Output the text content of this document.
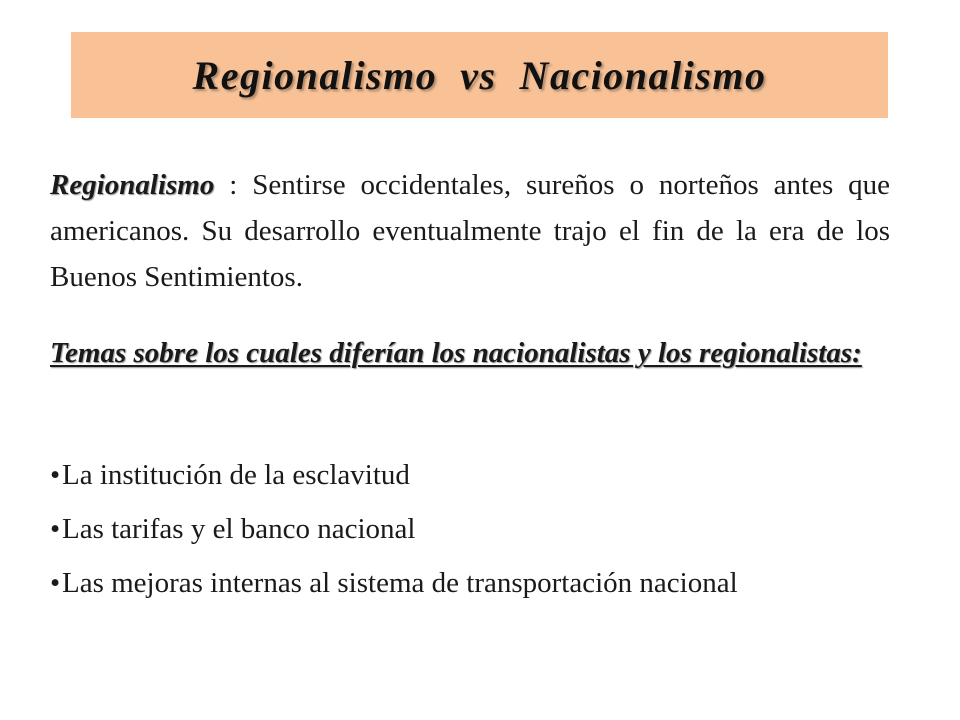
Regionalismo  vs  Nacionalismo

Regionalismo : Sentirse occidentales, sureños o norteños antes que americanos. Su desarrollo eventualmente trajo el fin de la era de los Buenos Sentimientos.

Temas sobre los cuales diferían los nacionalistas y los regionalistas:

•La institución de la esclavitud
•Las tarifas y el banco nacional
•Las mejoras internas al sistema de transportación nacional
